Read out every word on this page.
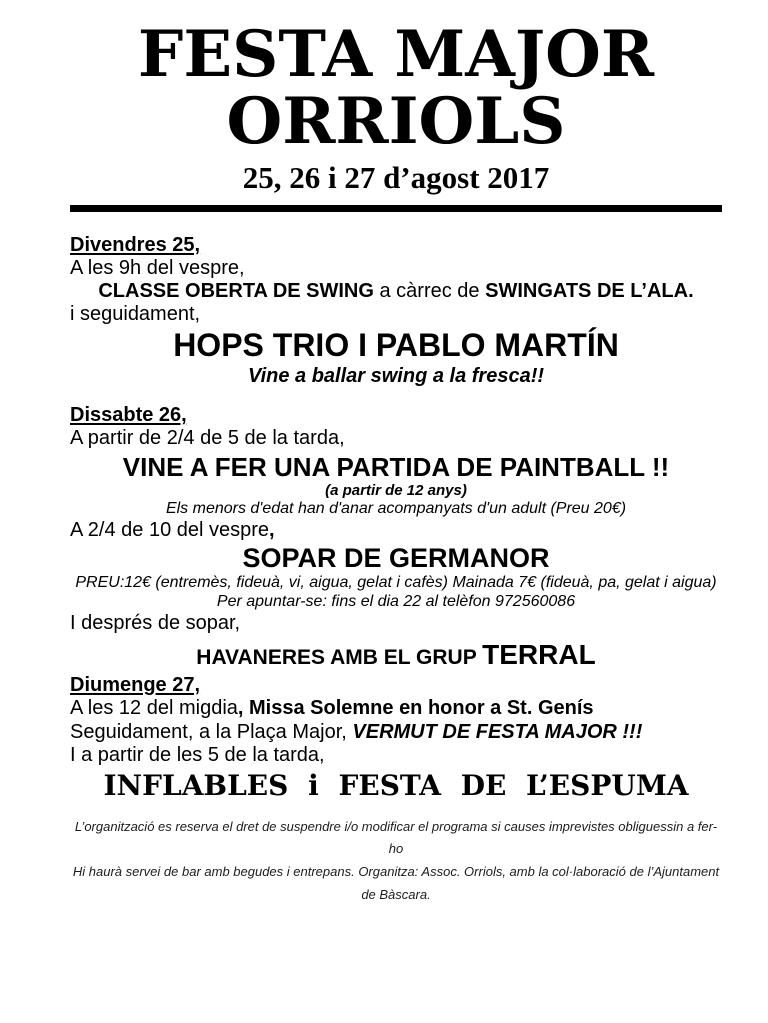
FESTA MAJOR
ORRIOLS
25, 26 i 27 d’agost 2017
Divendres 25,

A les 9h del vespre,

CLASSE OBERTA DE SWING a càrrec de SWINGATS DE L’ALA.

i seguidament,

HOPS TRIO I PABLO MARTÍN

Vine a ballar swing a la fresca!!

Dissabte 26,

A partir de 2/4 de 5 de la tarda,

VINE A FER UNA PARTIDA DE PAINTBALL !!

(a partir de 12 anys)

Els menors d'edat han d'anar acompanyats d'un adult (Preu 20€)

A 2/4 de 10 del vespre,

SOPAR DE GERMANOR

PREU:12€ (entremès, fideuà, vi, aigua, gelat i cafès) Mainada 7€ (fideuà, pa, gelat i aigua)

Per apuntar-se: fins el dia 22 al telèfon 972560086

I després de sopar,

HAVANERES AMB EL GRUP TERRAL

Diumenge 27,

A les 12 del migdia, Missa Solemne en honor a St. Genís

Seguidament, a la Plaça Major, VERMUT DE FESTA MAJOR !!!

I a partir de les 5 de la tarda,

INFLABLES i FESTA DE L’ESPUMA

L’organització es reserva el dret de suspendre i/o modificar el programa si causes imprevistes obliguessin a fer-ho

Hi haurà servei de bar amb begudes i entrepans. Organitza: Assoc. Orriols, amb la col·laboració de l’Ajuntament de Bàscara.
